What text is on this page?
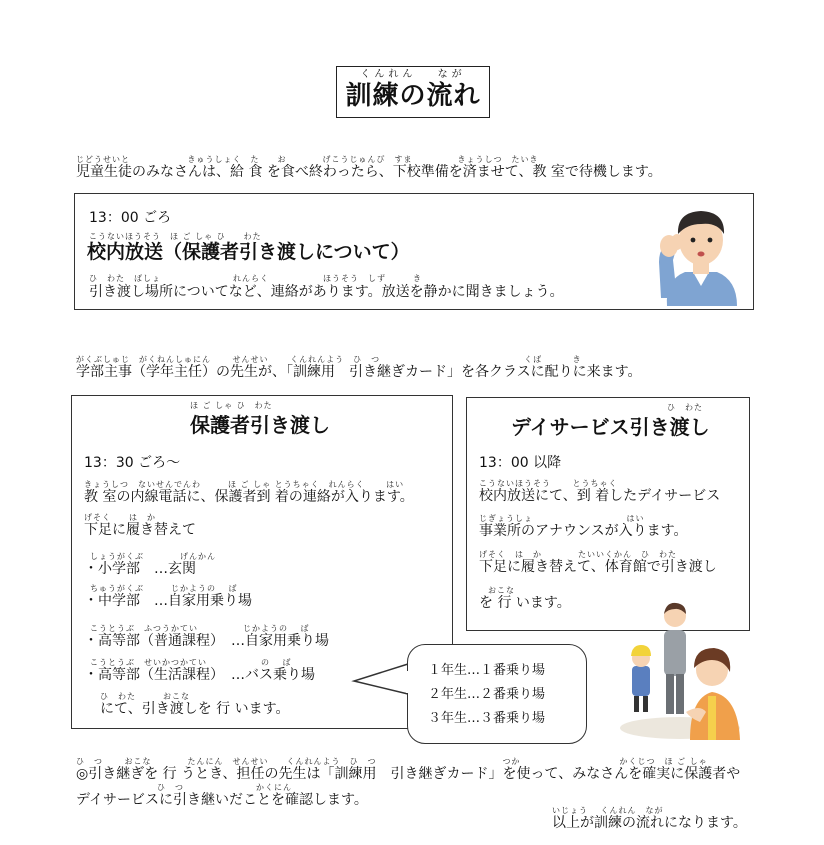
くんれん　 なが
訓練の流れ
じどうせいと　　　　　　 きゅうしょく　た　　お　　　　げこうじゅんび　すま　　　　　きょうしつ　たいき
児童生徒のみなさんは、給 食 を食べ終わったら、下校準備を済ませて、教 室で待機します。
13：00 ごろ
こうないほうそう　ほ ご しゃ ひ　　わた
校内放送（保護者引き渡しについて）
ひ　わた　ばしょ　　　　　　　　れんらく　　　　　　ほうそう　しず　　　き
引き渡し場所についてなど、連絡があります。放送を静かに聞きましょう。
がくぶしゅじ　がくねんしゅにん　　 せんせい　　 くんれんよう　ひ　つ　　　　　　　　　　　　　　　　くば　　　 き
学部主事（学年主任）の先生が、「訓練用　引き継ぎカード」を各クラスに配りに来ます。
ほ ご しゃ ひ　わた
保護者引き渡し
13：30 ごろ～
きょうしつ　ないせんでんわ　　　ほ ご しゃ とうちゃく　れんらく　　 はい
教 室の内線電話に、保護者到 着の連絡が入ります。
げそく　　は　か
下足に履き替えて
しょうがくぶ　　　　げんかん
・小学部　…玄関
ちゅうがくぶ　　　じかようの　 ば
・中学部　…自家用乗り場
こうとうぶ　ふつうかてい　　　　　じかようの　 ば
・高等部（普通課程）　…自家用乗り場
こうとうぶ　せいかつかてい　　　　　　の　 ば
・高等部（生活課程）　…バス乗り場
ひ　わた　　　おこな
にて、引き渡しを 行 います。
ひ　わた
デイサービス引き渡し
13：00 以降
こうないほうそう　　 とうちゃく
校内放送にて、到 着したデイサービス
じぎょうしょ　　　　　　　　　　 はい
事業所のアナウンスが入ります。
げそく　は　か　　　　たいいくかん　ひ　わた
下足に履き替えて、体育館で引き渡し
　おこな
を 行 います。
１年生…１番乗り場
２年生…２番乗り場
３年生…３番乗り場
ひ　つ　　 おこな　　　　たんにん　せんせい　　くんれんよう　ひ　つ　　　　　　　　　　　　　　つか　　　　　　　　　　　かくじつ　ほ ご しゃ
◎引き継ぎを 行 うとき、担任の先生は「訓練用　引き継ぎカード」を使って、みなさんを確実に保護者や
　　　　　　　　　ひ　つ　　　　　　　　かくにん
デイサービスに引き継いだことを確認します。
いじょう　 くんれん　なが
以上が訓練の流れになります。
